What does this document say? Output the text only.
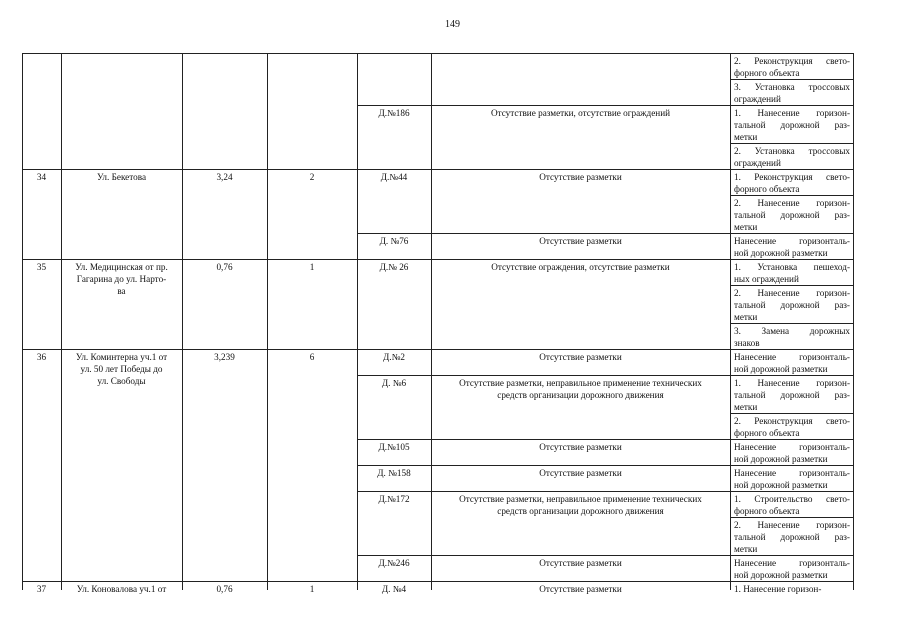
149
2. Реконструкция свето-
форного объекта
3. Установка тросcовых
ограждений
Д.№186	Отсутствие разметки, отсутствие ограждений	1. Нанесение горизон-
тальной дорожной раз-
метки
2. Установка тросcовых
ограждений
34	Ул. Бекетова	3,24	2	Д.№44	Отсутствие разметки	1. Реконструкция свето-
форного объекта
2. Нанесение горизон-
тальной дорожной раз-
метки
Д. №76	Отсутствие разметки	Нанесение горизонталь-
ной дорожной разметки
35	Ул. Медицинская от пр.
Гагарина до ул. Нарто-
ва
0,76	1	Д.№ 26	Отсутствие ограждения, отсутствие разметки	1. Установка пешеход-
ных ограждений
2. Нанесение горизон-
тальной дорожной раз-
метки
3. Замена дорожных
знаков
36	Ул. Коминтерна уч.1 от
ул. 50 лет Победы до
ул. Свободы
3,239	6	Д.№2	Отсутствие разметки	Нанесение горизонталь-
ной дорожной разметки
Д. №6	Отсутствие разметки, неправильное применение технических
средств организации дорожного движения
1. Нанесение горизон-
тальной дорожной раз-
метки
2. Реконструкция свето-
форного объекта
Д.№105	Отсутствие разметки	Нанесение горизонталь-
ной дорожной разметки
Д. №158	Отсутствие разметки	Нанесение горизонталь-
ной дорожной разметки
Д.№172	Отсутствие разметки, неправильное применение технических
средств организации дорожного движения
1. Строительство свето-
форного объекта
2. Нанесение горизон-
тальной дорожной раз-
метки
Д.№246	Отсутствие разметки	Нанесение горизонталь-
ной дорожной разметки
37	Ул. Коновалова уч.1 от	0,76	1	Д. №4	Отсутствие разметки	1. Нанесение горизон-
